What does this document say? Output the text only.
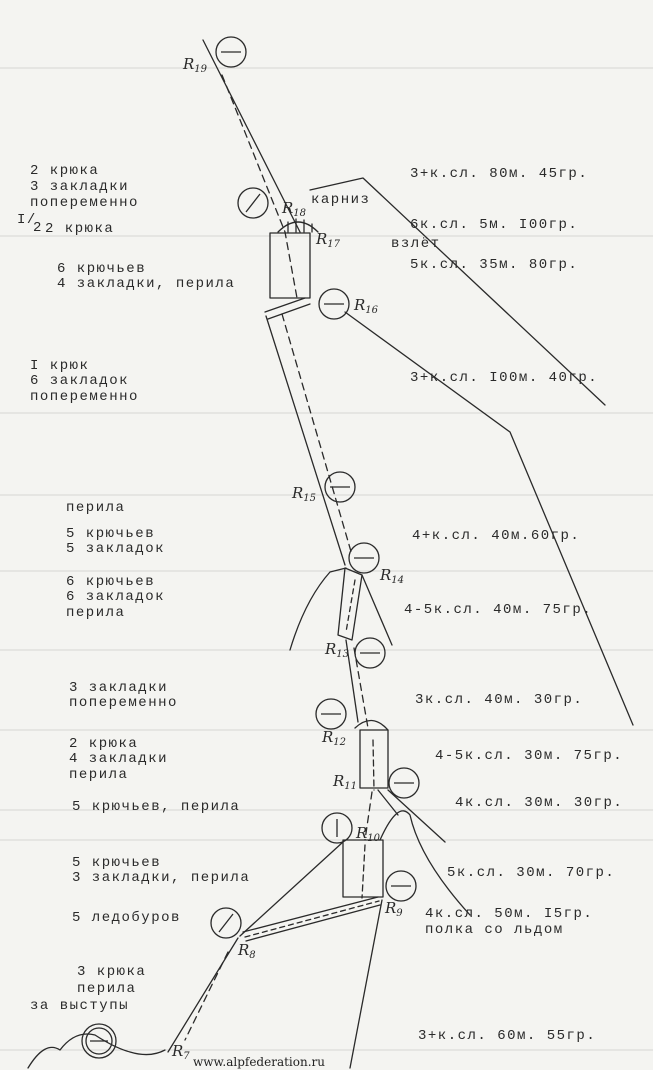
2 крюка
3 закладки
попеременно
I/
2 2 крюка
6 крючьев
4 закладки, перила
I крюк
6 закладок
попеременно
перила
5 крючьев
5 закладок
6 крючьев
6 закладок
перила
3 закладки
попеременно
2 крюка
4 закладки
перила
5 крючьев, перила
5 крючьев
3 закладки, перила
5 ледобуров
3 крюка
перила
за выступы
3+к.сл. 80м. 45гр.
6к.сл. 5м. I00гр.
5к.сл. 35м. 80гр.
3+к.сл. I00м. 40гр.
4+к.сл. 40м.60гр.
4-5к.сл. 40м. 75гр.
3к.сл. 40м. 30гр.
4-5к.сл. 30м. 75гр.
4к.сл. 30м. 30гр.
5к.сл. 30м. 70гр.
4к.сл. 50м. I5гр.
3+к.сл. 60м. 55гр.
карниз
взлёт
полка со льдом
$R_{19}$
$R_{18}$
$R_{17}$
$R_{16}$
$R_{15}$
$R_{14}$
$R_{13}$
$R_{12}$
$R_{11}$
$R_{10}$
$R_9$
$R_8$
$R_7$ www.alpfederation.ru
